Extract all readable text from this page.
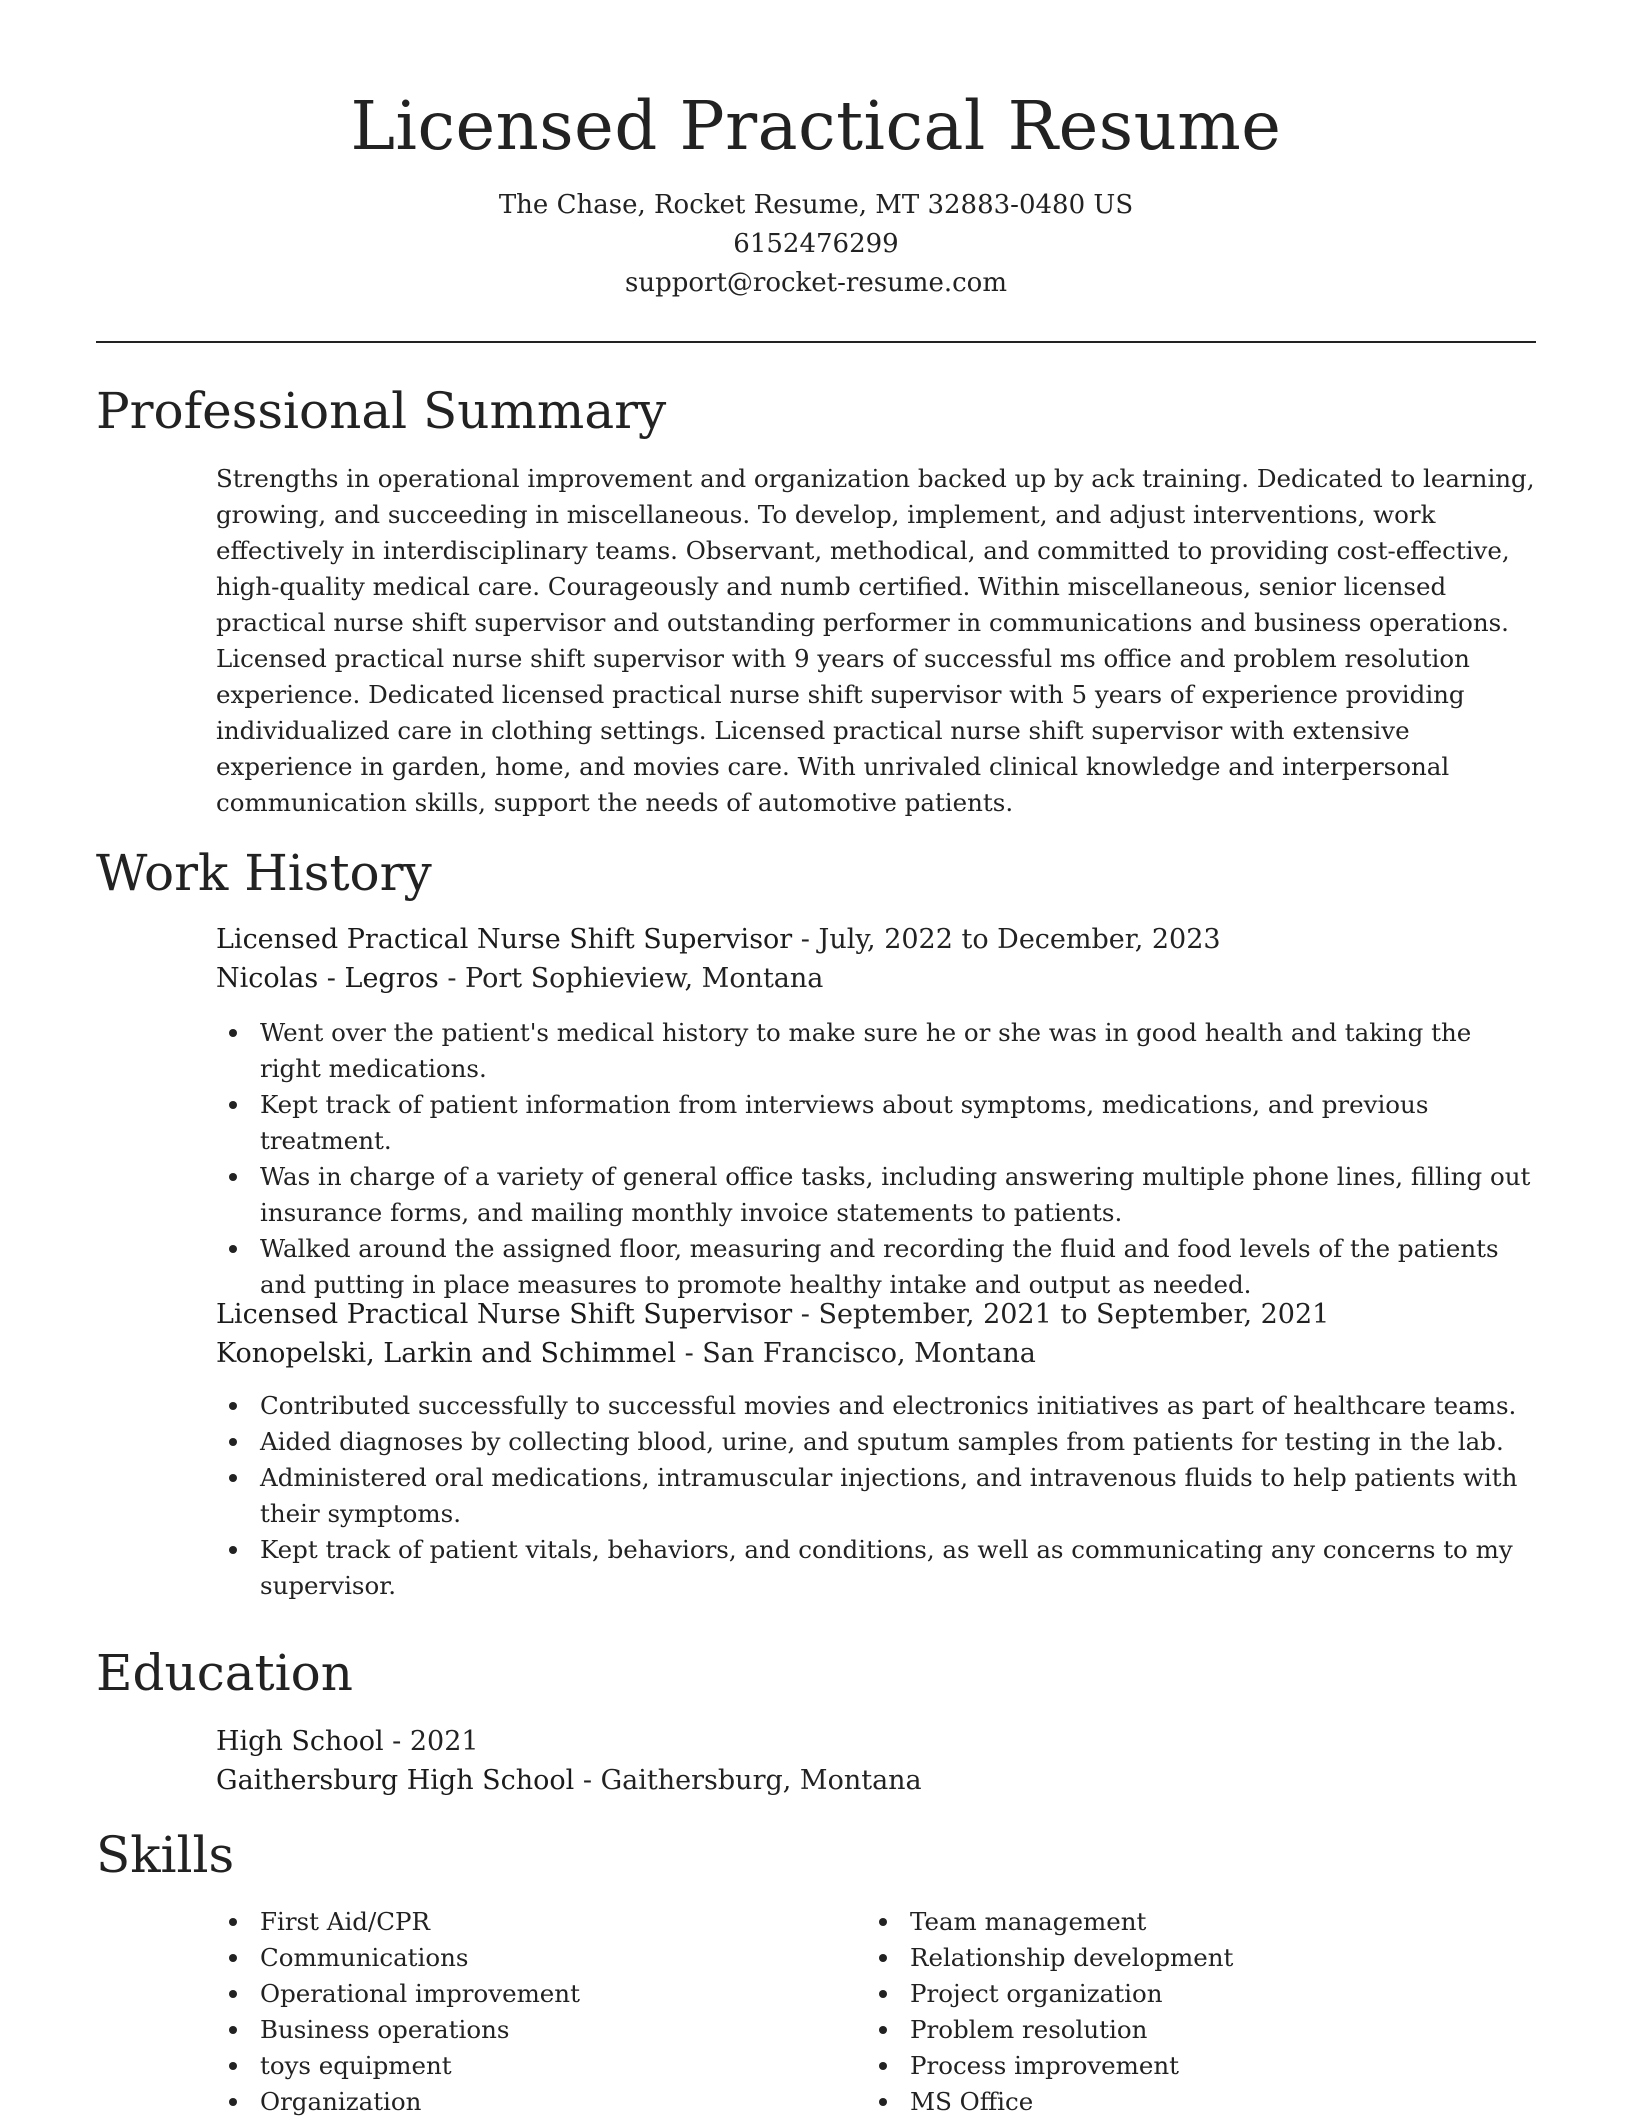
Licensed Practical Resume
The Chase, Rocket Resume, MT 32883-0480 US
6152476299
support@rocket-resume.com
Professional Summary
Strengths in operational improvement and organization backed up by ack training. Dedicated to learning, growing, and succeeding in miscellaneous. To develop, implement, and adjust interventions, work effectively in interdisciplinary teams. Observant, methodical, and committed to providing cost-effective, high-quality medical care. Courageously and numb certified. Within miscellaneous, senior licensed practical nurse shift supervisor and outstanding performer in communications and business operations. Licensed practical nurse shift supervisor with 9 years of successful ms office and problem resolution experience. Dedicated licensed practical nurse shift supervisor with 5 years of experience providing individualized care in clothing settings. Licensed practical nurse shift supervisor with extensive experience in garden, home, and movies care. With unrivaled clinical knowledge and interpersonal communication skills, support the needs of automotive patients.
Work History
Licensed Practical Nurse Shift Supervisor - July, 2022 to December, 2023
Nicolas - Legros - Port Sophieview, Montana
Went over the patient's medical history to make sure he or she was in good health and taking the right medications.
Kept track of patient information from interviews about symptoms, medications, and previous treatment.
Was in charge of a variety of general office tasks, including answering multiple phone lines, filling out insurance forms, and mailing monthly invoice statements to patients.
Walked around the assigned floor, measuring and recording the fluid and food levels of the patients and putting in place measures to promote healthy intake and output as needed.
Licensed Practical Nurse Shift Supervisor - September, 2021 to September, 2021
Konopelski, Larkin and Schimmel - San Francisco, Montana
Contributed successfully to successful movies and electronics initiatives as part of healthcare teams.
Aided diagnoses by collecting blood, urine, and sputum samples from patients for testing in the lab.
Administered oral medications, intramuscular injections, and intravenous fluids to help patients with their symptoms.
Kept track of patient vitals, behaviors, and conditions, as well as communicating any concerns to my supervisor.
Education
High School - 2021
Gaithersburg High School - Gaithersburg, Montana
Skills
First Aid/CPR
Communications
Operational improvement
Business operations
toys equipment
Organization
Team management
Relationship development
Project organization
Problem resolution
Process improvement
MS Office
